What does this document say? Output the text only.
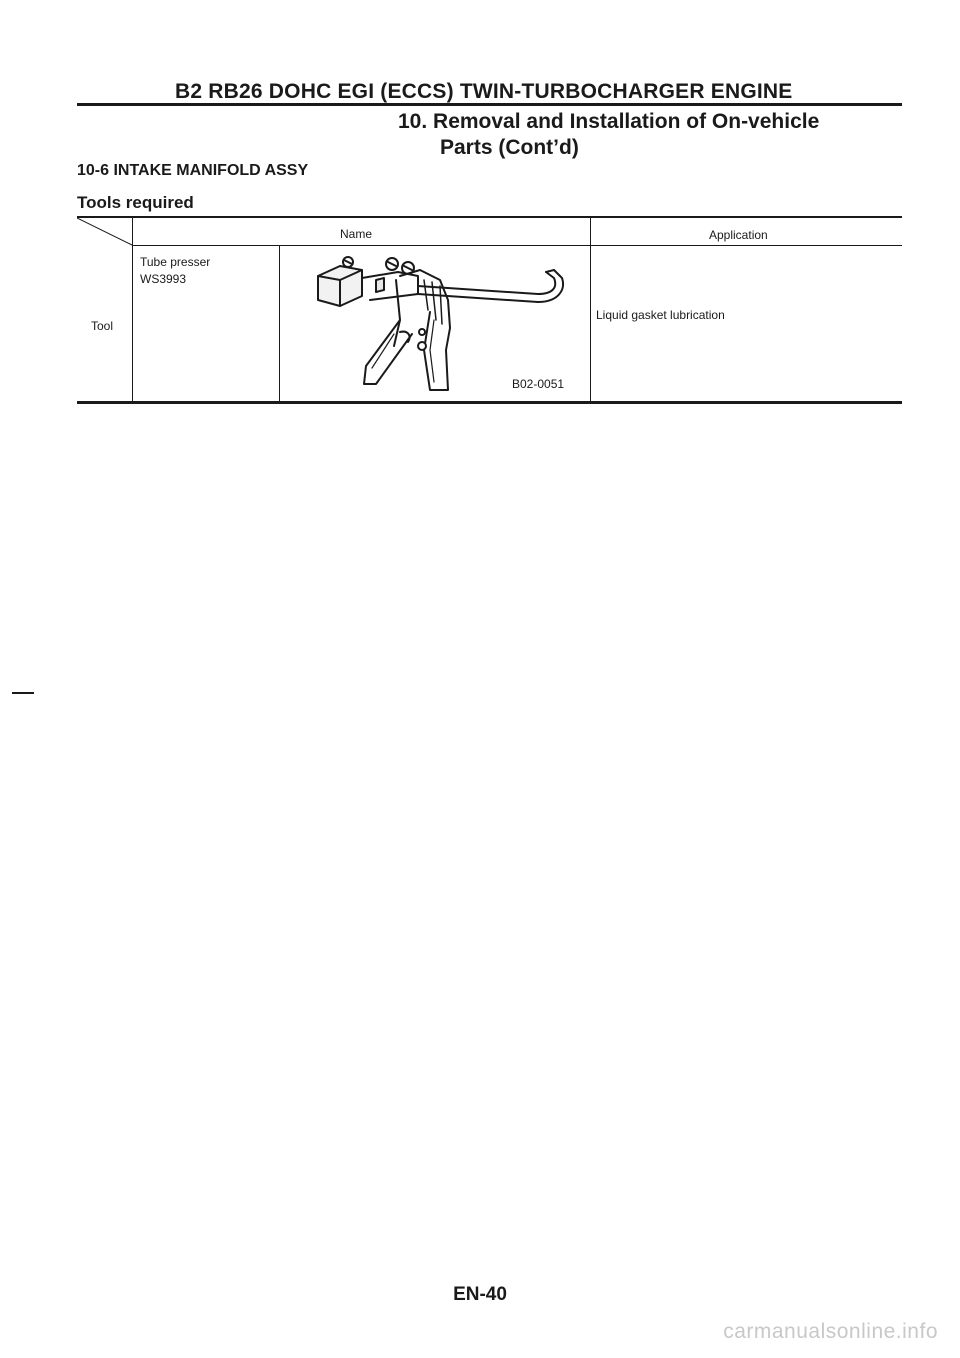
B2 RB26 DOHC EGI (ECCS) TWIN-TURBOCHARGER ENGINE
10. Removal and Installation of On-vehicle
Parts (Cont’d)
10-6 INTAKE MANIFOLD ASSY
Tools required
Name	Application
Tool
Tube presser
WS3993
Liquid gasket lubrication
B02-0051
EN-40
carmanualsonline.info
